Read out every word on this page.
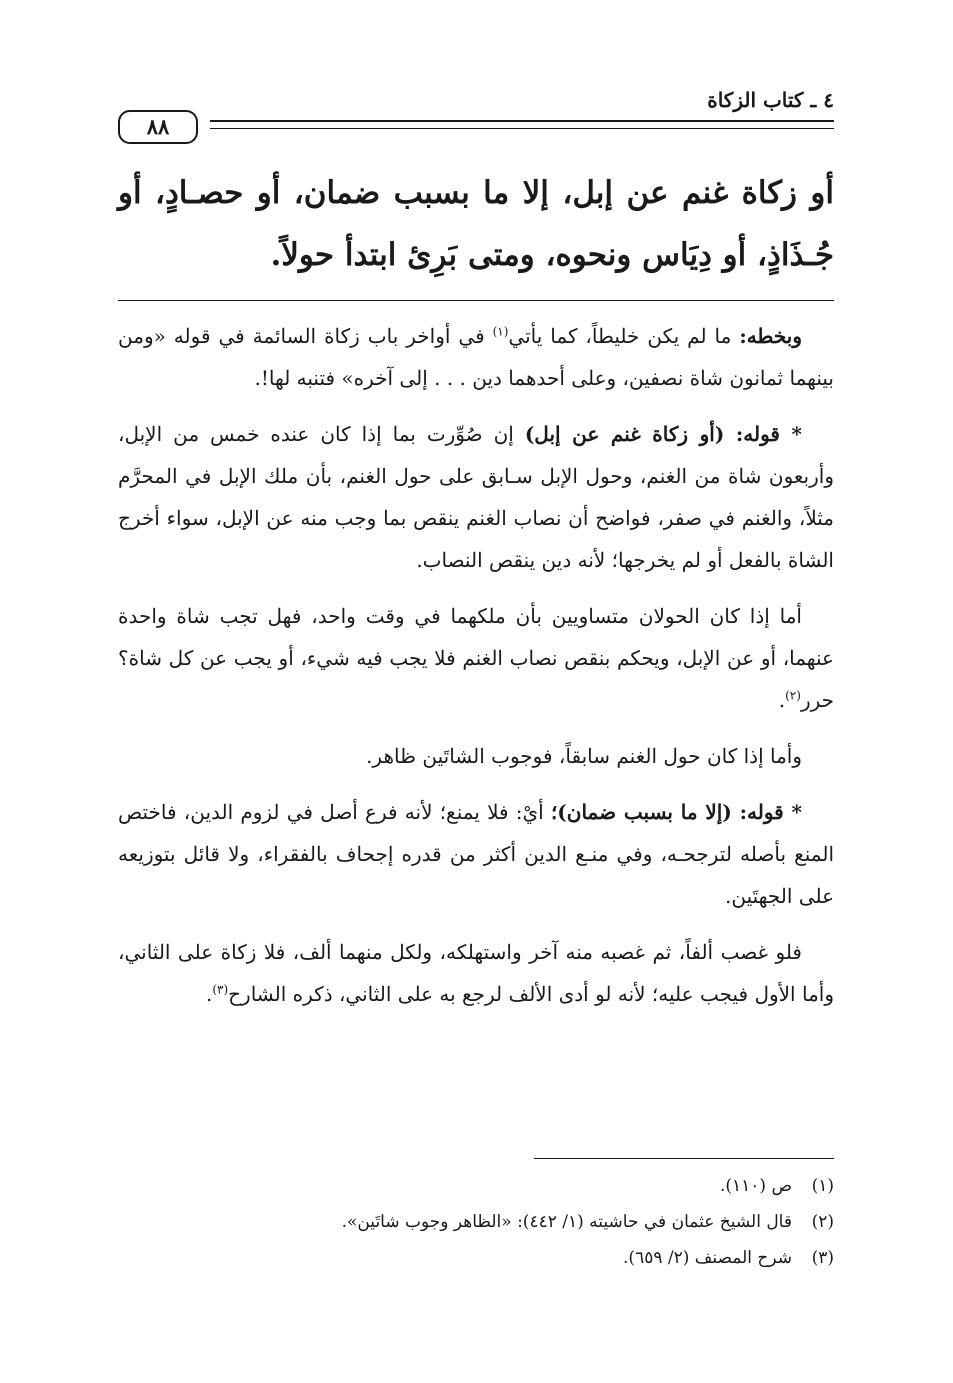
٤ ـ كتاب الزكاة
٨٨
أو زكاة غنم عن إبل، إلا ما بسبب ضمان، أو حصـادٍ، أو جُـذَاذٍ، أو دِيَاس ونحوه، ومتى بَرِئ ابتدأ حولاً.

وبخطه: ما لم يكن خليطاً، كما يأتي$^{(١)}$ في أواخر باب زكاة السائمة في قوله «ومن بينهما ثمانون شاة نصفين، وعلى أحدهما دين . . . إلى آخره» فتنبه لها!.

* قوله: (أو زكاة غنم عن إبل) إن صُوِّرت بما إذا كان عنده خمس من الإبل، وأربعون شاة من الغنم، وحول الإبل سـابق على حول الغنم، بأن ملك الإبل في المحرَّم مثلاً، والغنم في صفر، فواضح أن نصاب الغنم ينقص بما وجب منه عن الإبل، سواء أخرج الشاة بالفعل أو لم يخرجها؛ لأنه دين ينقص النصاب.

أما إذا كان الحولان متساويين بأن ملكهما في وقت واحد، فهل تجب شاة واحدة عنهما، أو عن الإبل، ويحكم بنقص نصاب الغنم فلا يجب فيه شيء، أو يجب عن كل شاة؟ حرر$^{(٢)}$.

وأما إذا كان حول الغنم سابقاً، فوجوب الشاتَين ظاهر.

* قوله: (إلا ما بسبب ضمان)؛ أيْ: فلا يمنع؛ لأنه فرع أصل في لزوم الدين، فاختص المنع بأصله لترجحـه، وفي منـع الدين أكثر من قدره إجحاف بالفقراء، ولا قائل بتوزيعه على الجهتَين.

فلو غصب ألفاً، ثم غصبه منه آخر واستهلكه، ولكل منهما ألف، فلا زكاة على الثاني، وأما الأول فيجب عليه؛ لأنه لو أدى الألف لرجع به على الثاني، ذكره الشارح$^{(٣)}$.

(١)ص (١١٠).

(٢)قال الشيخ عثمان في حاشيته (١/ ٤٤٢): «الظاهر وجوب شاتَين».

(٣)شرح المصنف (٢/ ٦٥٩).
